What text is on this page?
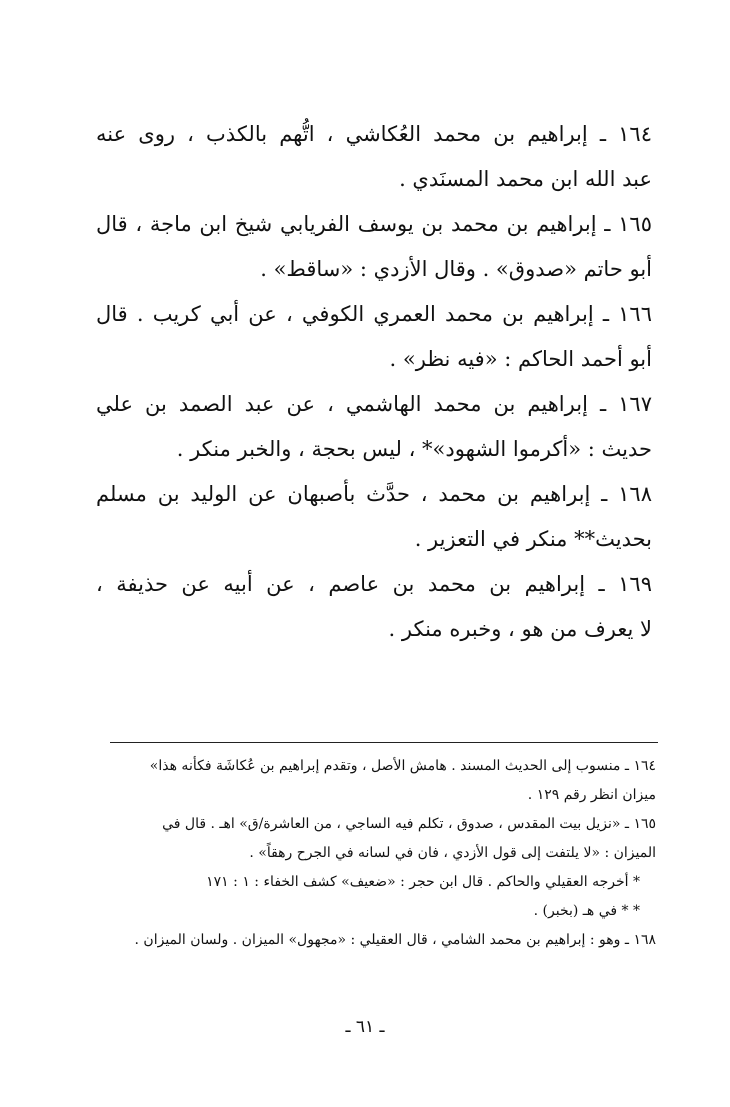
١٦٤ ـ إبراهيم بن محمد العُكاشي ، اتُّهم بالكذب ، روى عنه
عبد الله ابن محمد المسنَدي .
١٦٥ ـ إبراهيم بن محمد بن يوسف الفريابي شيخ ابن ماجة ، قال
أبو حاتم «صدوق» . وقال الأزدي : «ساقط» .
١٦٦ ـ إبراهيم بن محمد العمري الكوفي ، عن أبي كريب . قال
أبو أحمد الحاكم : «فيه نظر» .
١٦٧ ـ إبراهيم بن محمد الهاشمي ، عن عبد الصمد بن علي
حديث : «أكرموا الشهود»* ، ليس بحجة ، والخبر منكر .
١٦٨ ـ إبراهيم بن محمد ، حدَّث بأصبهان عن الوليد بن مسلم
بحديث** منكر في التعزير .
١٦٩ ـ إبراهيم بن محمد بن عاصم ، عن أبيه عن حذيفة ،
لا يعرف من هو ، وخبره منكر .
١٦٤ ـ منسوب إلى الحديث المسند . هامش الأصل ، وتقدم إبراهيم بن عُكاشَة فكأنه هذا»
ميزان انظر رقم ١٢٩ .
١٦٥ ـ «نزيل بيت المقدس ، صدوق ، تكلم فيه الساجي ، من العاشرة/ق» اهـ . قال في
الميزان : «لا يلتفت إلى قول الأزدي ، فان في لسانه في الجرح رهقاً» .
* أخرجه العقيلي والحاكم . قال ابن حجر : «ضعيف» كشف الخفاء : ١ : ١٧١
* * في هـ (بخبر) .
١٦٨ ـ وهو : إبراهيم بن محمد الشامي ، قال العقيلي : «مجهول» الميزان . ولسان الميزان .
ـ ٦١ ـ
